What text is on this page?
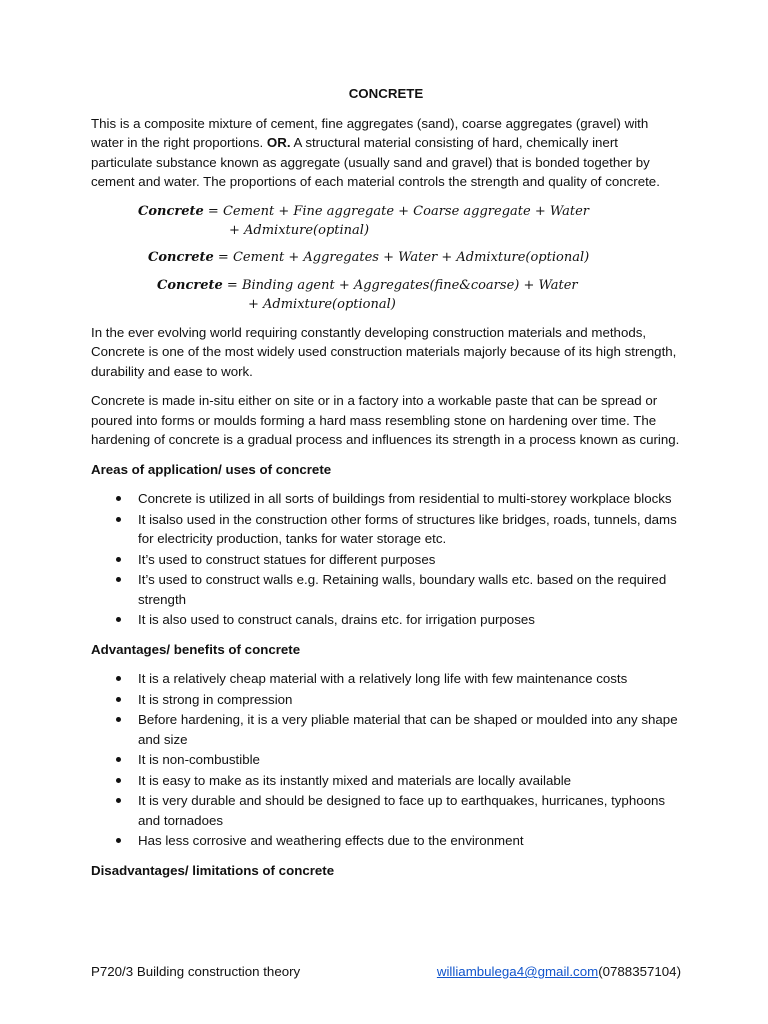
CONCRETE

This is a composite mixture of cement, fine aggregates (sand), coarse aggregates (gravel) with water in the right proportions. OR. A structural material consisting of hard, chemically inert particulate substance known as aggregate (usually sand and gravel) that is bonded together by cement and water. The proportions of each material controls the strength and quality of concrete.

Concrete = Cement + Fine aggregate + Coarse aggregate + Water
+ Admixture(optinal)
Concrete = Cement + Aggregates + Water + Admixture(optional)
Concrete = Binding agent + Aggregates(fine&coarse) + Water
+ Admixture(optional)

In the ever evolving world requiring constantly developing construction materials and methods, Concrete is one of the most widely used construction materials majorly because of its high strength, durability and ease to work.

Concrete is made in-situ either on site or in a factory into a workable paste that can be spread or poured into forms or moulds forming a hard mass resembling stone on hardening over time. The hardening of concrete is a gradual process and influences its strength in a process known as curing.

Areas of application/ uses of concrete
Concrete is utilized in all sorts of buildings from residential to multi-storey workplace blocks
It isalso used in the construction other forms of structures like bridges, roads, tunnels, dams for electricity production, tanks for water storage etc.
It’s used to construct statues for different purposes
It’s used to construct walls e.g. Retaining walls, boundary walls etc. based on the required strength
It is also used to construct canals, drains etc. for irrigation purposes
Advantages/ benefits of concrete
It is a relatively cheap material with a relatively long life with few maintenance costs
It is strong in compression
Before hardening, it is a very pliable material that can be shaped or moulded into any shape and size
It is non-combustible
It is easy to make as its instantly mixed and materials are locally available
It is very durable and should be designed to face up to earthquakes, hurricanes, typhoons and tornadoes
Has less corrosive and weathering effects due to the environment
Disadvantages/ limitations of concrete
P720/3 Building construction theory	williambulega4@gmail.com(0788357104)
